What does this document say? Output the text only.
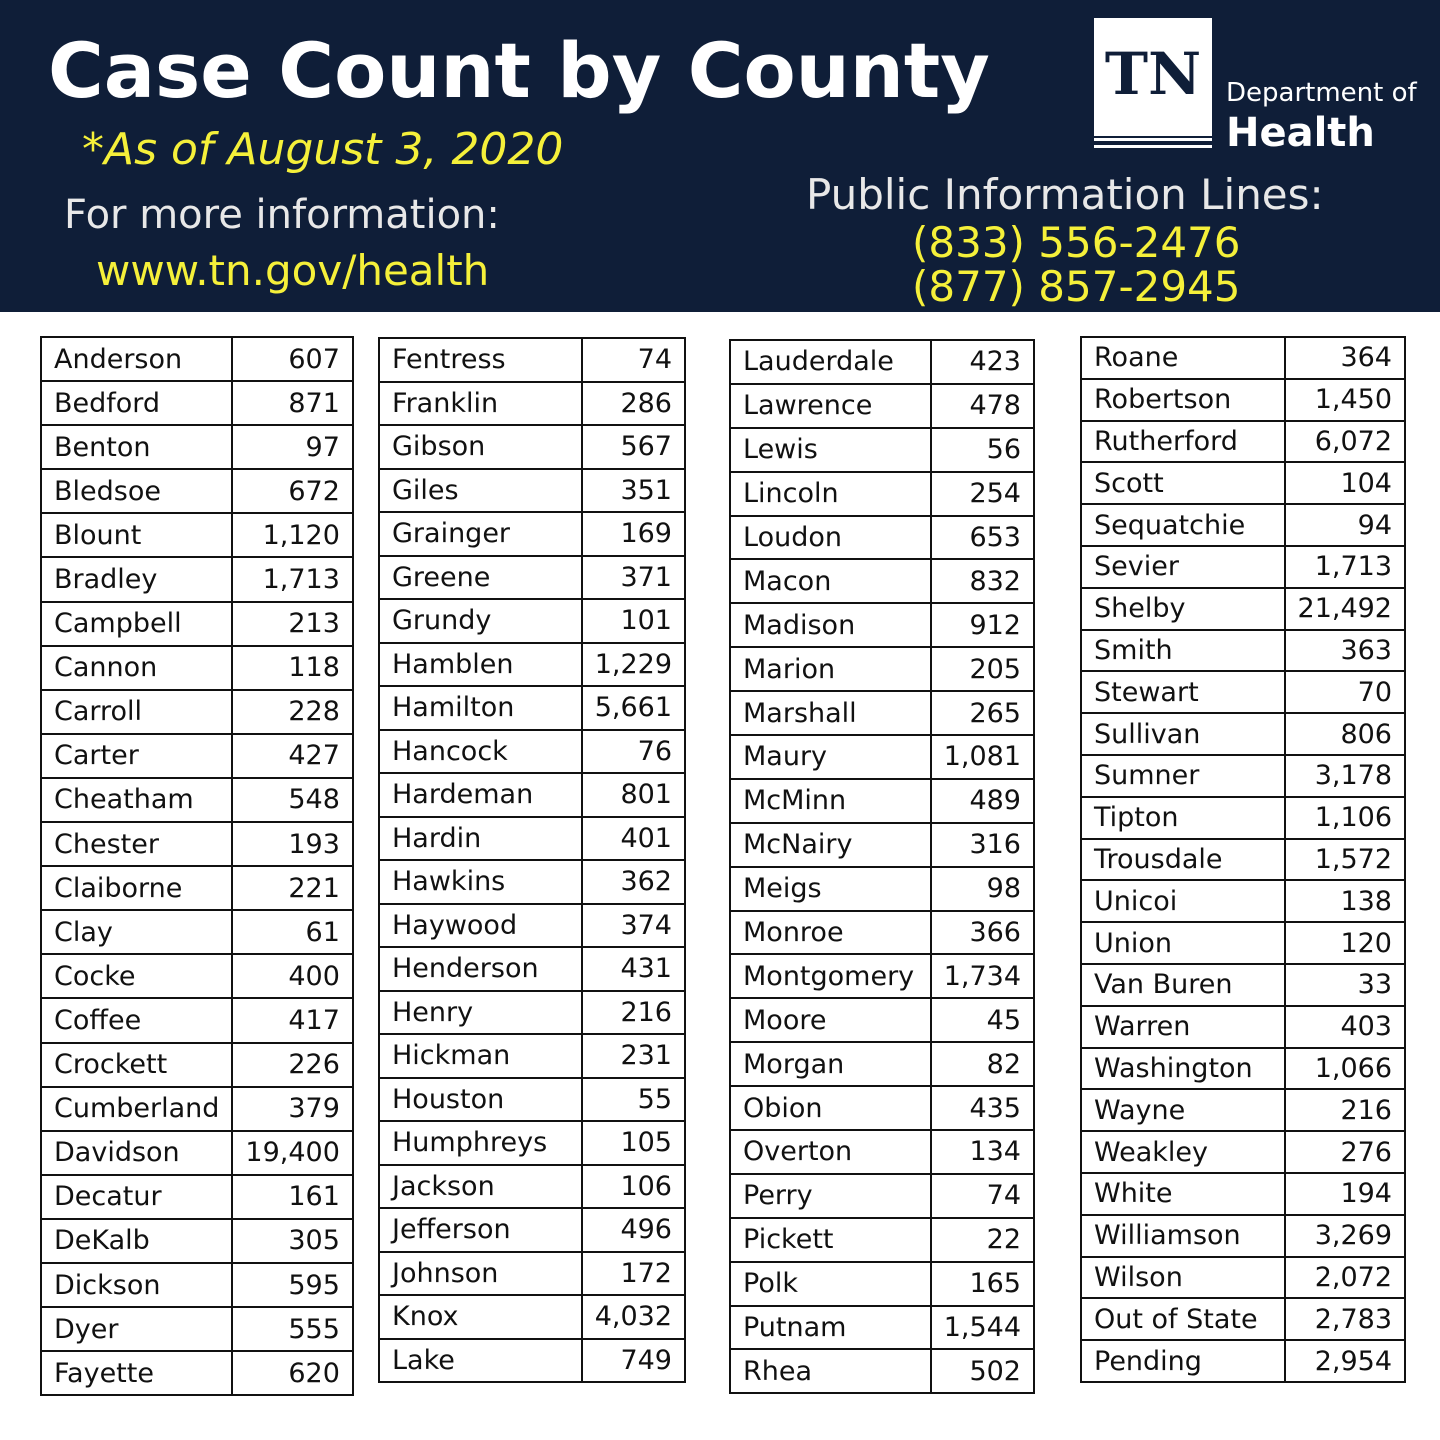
Case Count by County
*As of August 3, 2020
For more information:
www.tn.gov/health
TN Department of
Health
Public Information Lines:
(833) 556-2476
(877) 857-2945
Anderson	607
Bedford	871
Benton	97
Bledsoe	672
Blount	1,120
Bradley	1,713
Campbell	213
Cannon	118
Carroll	228
Carter	427
Cheatham	548
Chester	193
Claiborne	221
Clay	61
Cocke	400
Coffee	417
Crockett	226
Cumberland	379
Davidson	19,400
Decatur	161
DeKalb	305
Dickson	595
Dyer	555
Fayette	620
Fentress	74
Franklin	286
Gibson	567
Giles	351
Grainger	169
Greene	371
Grundy	101
Hamblen	1,229
Hamilton	5,661
Hancock	76
Hardeman	801
Hardin	401
Hawkins	362
Haywood	374
Henderson	431
Henry	216
Hickman	231
Houston	55
Humphreys	105
Jackson	106
Jefferson	496
Johnson	172
Knox	4,032
Lake	749
Lauderdale	423
Lawrence	478
Lewis	56
Lincoln	254
Loudon	653
Macon	832
Madison	912
Marion	205
Marshall	265
Maury	1,081
McMinn	489
McNairy	316
Meigs	98
Monroe	366
Montgomery	1,734
Moore	45
Morgan	82
Obion	435
Overton	134
Perry	74
Pickett	22
Polk	165
Putnam	1,544
Rhea	502
Roane	364
Robertson	1,450
Rutherford	6,072
Scott	104
Sequatchie	94
Sevier	1,713
Shelby	21,492
Smith	363
Stewart	70
Sullivan	806
Sumner	3,178
Tipton	1,106
Trousdale	1,572
Unicoi	138
Union	120
Van Buren	33
Warren	403
Washington	1,066
Wayne	216
Weakley	276
White	194
Williamson	3,269
Wilson	2,072
Out of State	2,783
Pending	2,954
